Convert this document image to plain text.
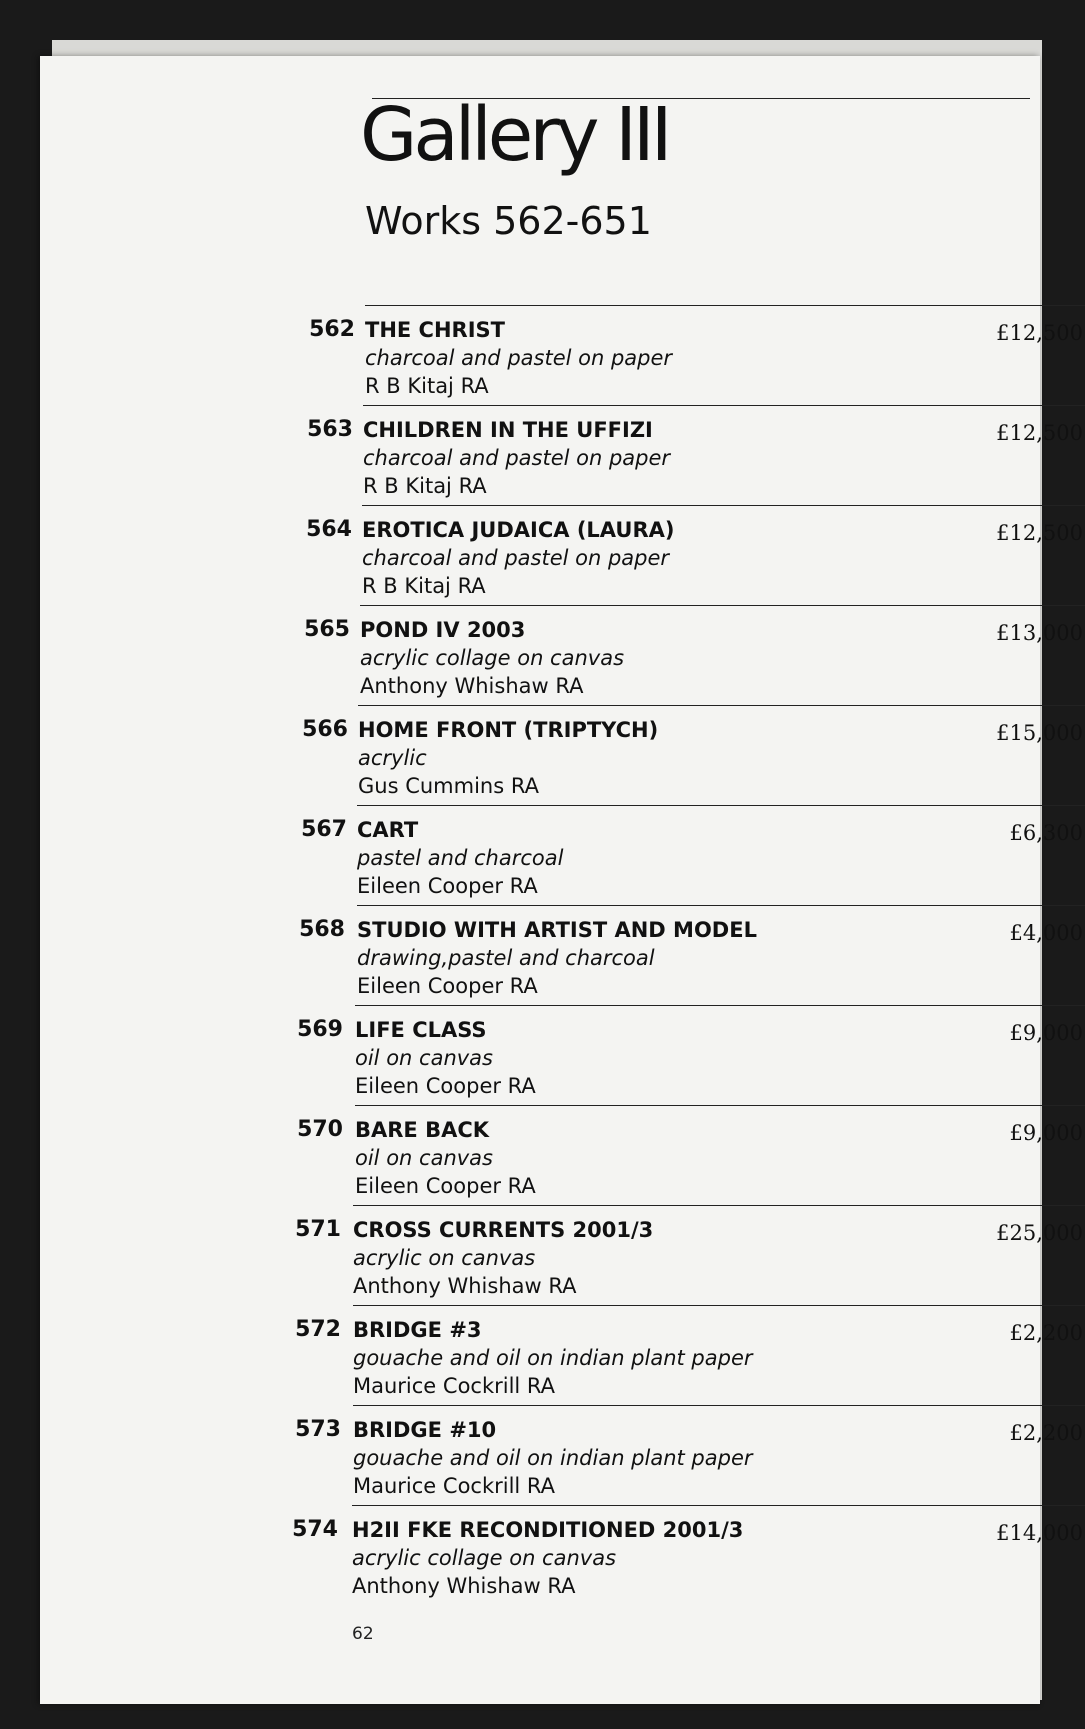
Gallery III
Works 562-651
562 THE CHRIST
charcoal and pastel on paper
R B Kitaj RA
£12,500
563 CHILDREN IN THE UFFIZI
charcoal and pastel on paper
R B Kitaj RA
£12,500
564 EROTICA JUDAICA (LAURA)
charcoal and pastel on paper
R B Kitaj RA
£12,500
565 POND IV 2003
acrylic collage on canvas
Anthony Whishaw RA
£13,000
566 HOME FRONT (TRIPTYCH)
acrylic
Gus Cummins RA
£15,000
567 CART
pastel and charcoal
Eileen Cooper RA
£6,300
568 STUDIO WITH ARTIST AND MODEL
drawing,pastel and charcoal
Eileen Cooper RA
£4,000
569 LIFE CLASS
oil on canvas
Eileen Cooper RA
£9,000
570 BARE BACK
oil on canvas
Eileen Cooper RA
£9,000
571 CROSS CURRENTS 2001/3
acrylic on canvas
Anthony Whishaw RA
£25,000
572 BRIDGE #3
gouache and oil on indian plant paper
Maurice Cockrill RA
£2,200
573 BRIDGE #10
gouache and oil on indian plant paper
Maurice Cockrill RA
£2,200
574 H2II FKE RECONDITIONED 2001/3
acrylic collage on canvas
Anthony Whishaw RA
£14,000
62
